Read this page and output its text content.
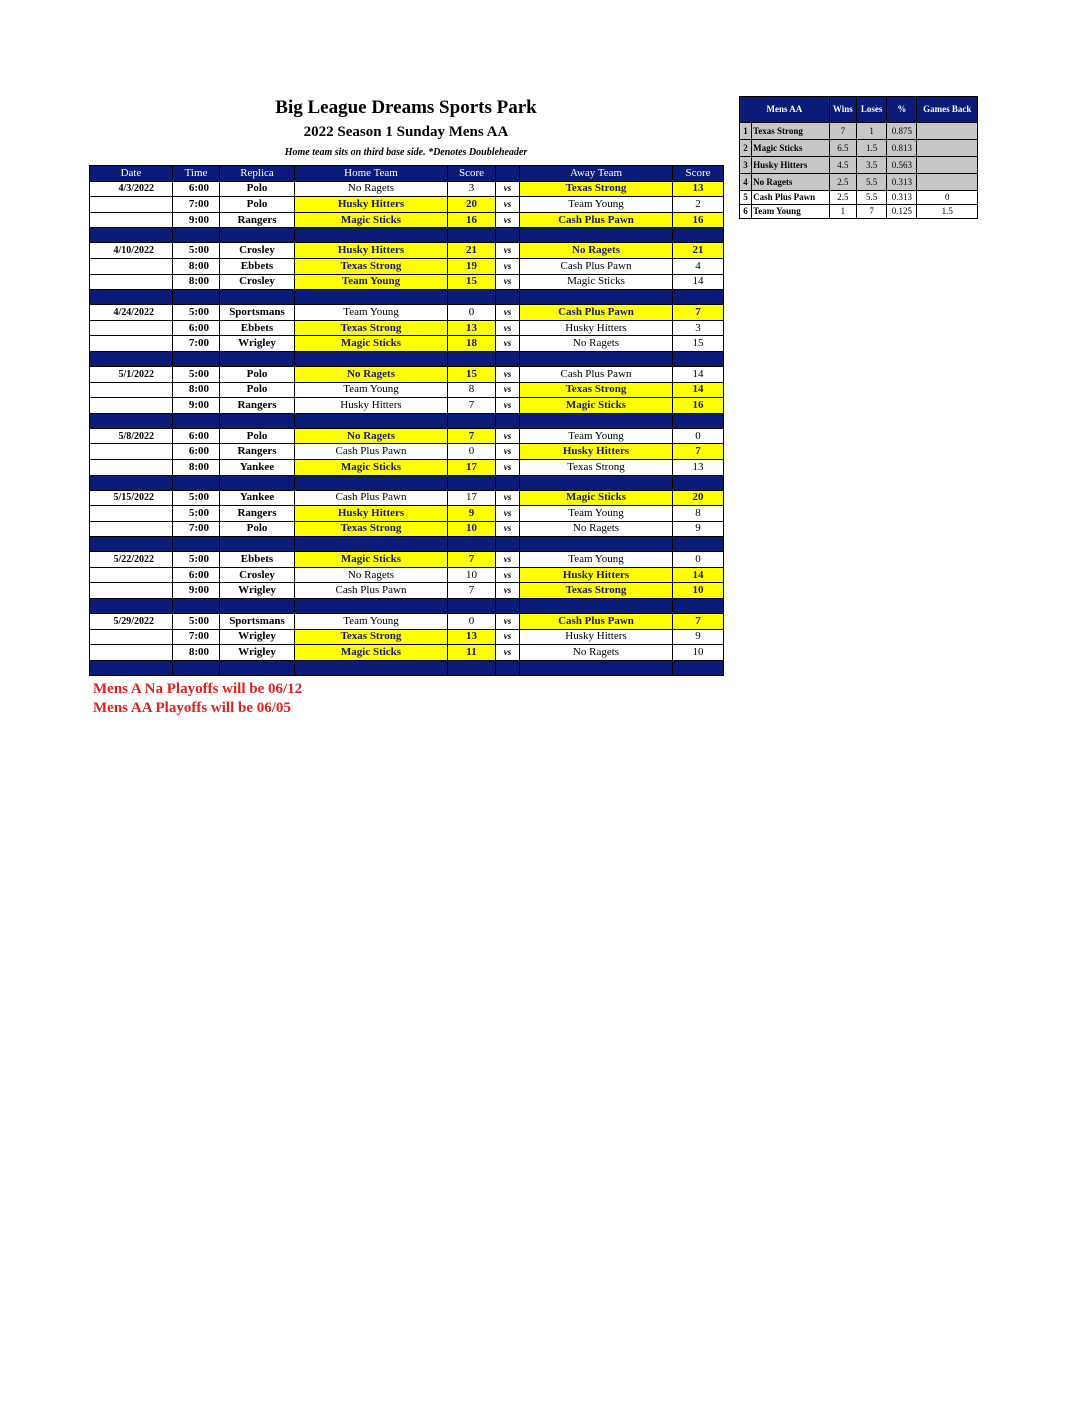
Big League Dreams Sports Park
2022 Season 1 Sunday Mens AA
Home team sits on third base side. *Denotes Doubleheader
Date	Time	Replica	Home Team	Score		Away Team	Score
4/3/2022	6:00	Polo	No Ragets	3	vs	Texas Strong	13
	7:00	Polo	Husky Hitters	20	vs	Team Young	2
	9:00	Rangers	Magic Sticks	16	vs	Cash Plus Pawn	16

4/10/2022	5:00	Crosley	Husky Hitters	21	vs	No Ragets	21
	8:00	Ebbets	Texas Strong	19	vs	Cash Plus Pawn	4
	8:00	Crosley	Team Young	15	vs	Magic Sticks	14

4/24/2022	5:00	Sportsmans	Team Young	0	vs	Cash Plus Pawn	7
	6:00	Ebbets	Texas Strong	13	vs	Husky Hitters	3
	7:00	Wrigley	Magic Sticks	18	vs	No Ragets	15

5/1/2022	5:00	Polo	No Ragets	15	vs	Cash Plus Pawn	14
	8:00	Polo	Team Young	8	vs	Texas Strong	14
	9:00	Rangers	Husky Hitters	7	vs	Magic Sticks	16

5/8/2022	6:00	Polo	No Ragets	7	vs	Team Young	0
	6:00	Rangers	Cash Plus Pawn	0	vs	Husky Hitters	7
	8:00	Yankee	Magic Sticks	17	vs	Texas Strong	13

5/15/2022	5:00	Yankee	Cash Plus Pawn	17	vs	Magic Sticks	20
	5:00	Rangers	Husky Hitters	9	vs	Team Young	8
	7:00	Polo	Texas Strong	10	vs	No Ragets	9

5/22/2022	5:00	Ebbets	Magic Sticks	7	vs	Team Young	0
	6:00	Crosley	No Ragets	10	vs	Husky Hitters	14
	9:00	Wrigley	Cash Plus Pawn	7	vs	Texas Strong	10

5/29/2022	5:00	Sportsmans	Team Young	0	vs	Cash Plus Pawn	7
	7:00	Wrigley	Texas Strong	13	vs	Husky Hitters	9
	8:00	Wrigley	Magic Sticks	11	vs	No Ragets	10

Mens AA		Wins	Loses	%	Games Back
1	Texas Strong	7	1	0.875	
2	Magic Sticks	6.5	1.5	0.813	
3	Husky Hitters	4.5	3.5	0.563	
4	No Ragets	2.5	5.5	0.313	
5	Cash Plus Pawn	2.5	5.5	0.313	0
6	Team Young	1	7	0.125	1.5
Mens A Na Playoffs will be 06/12
Mens AA Playoffs will be 06/05
